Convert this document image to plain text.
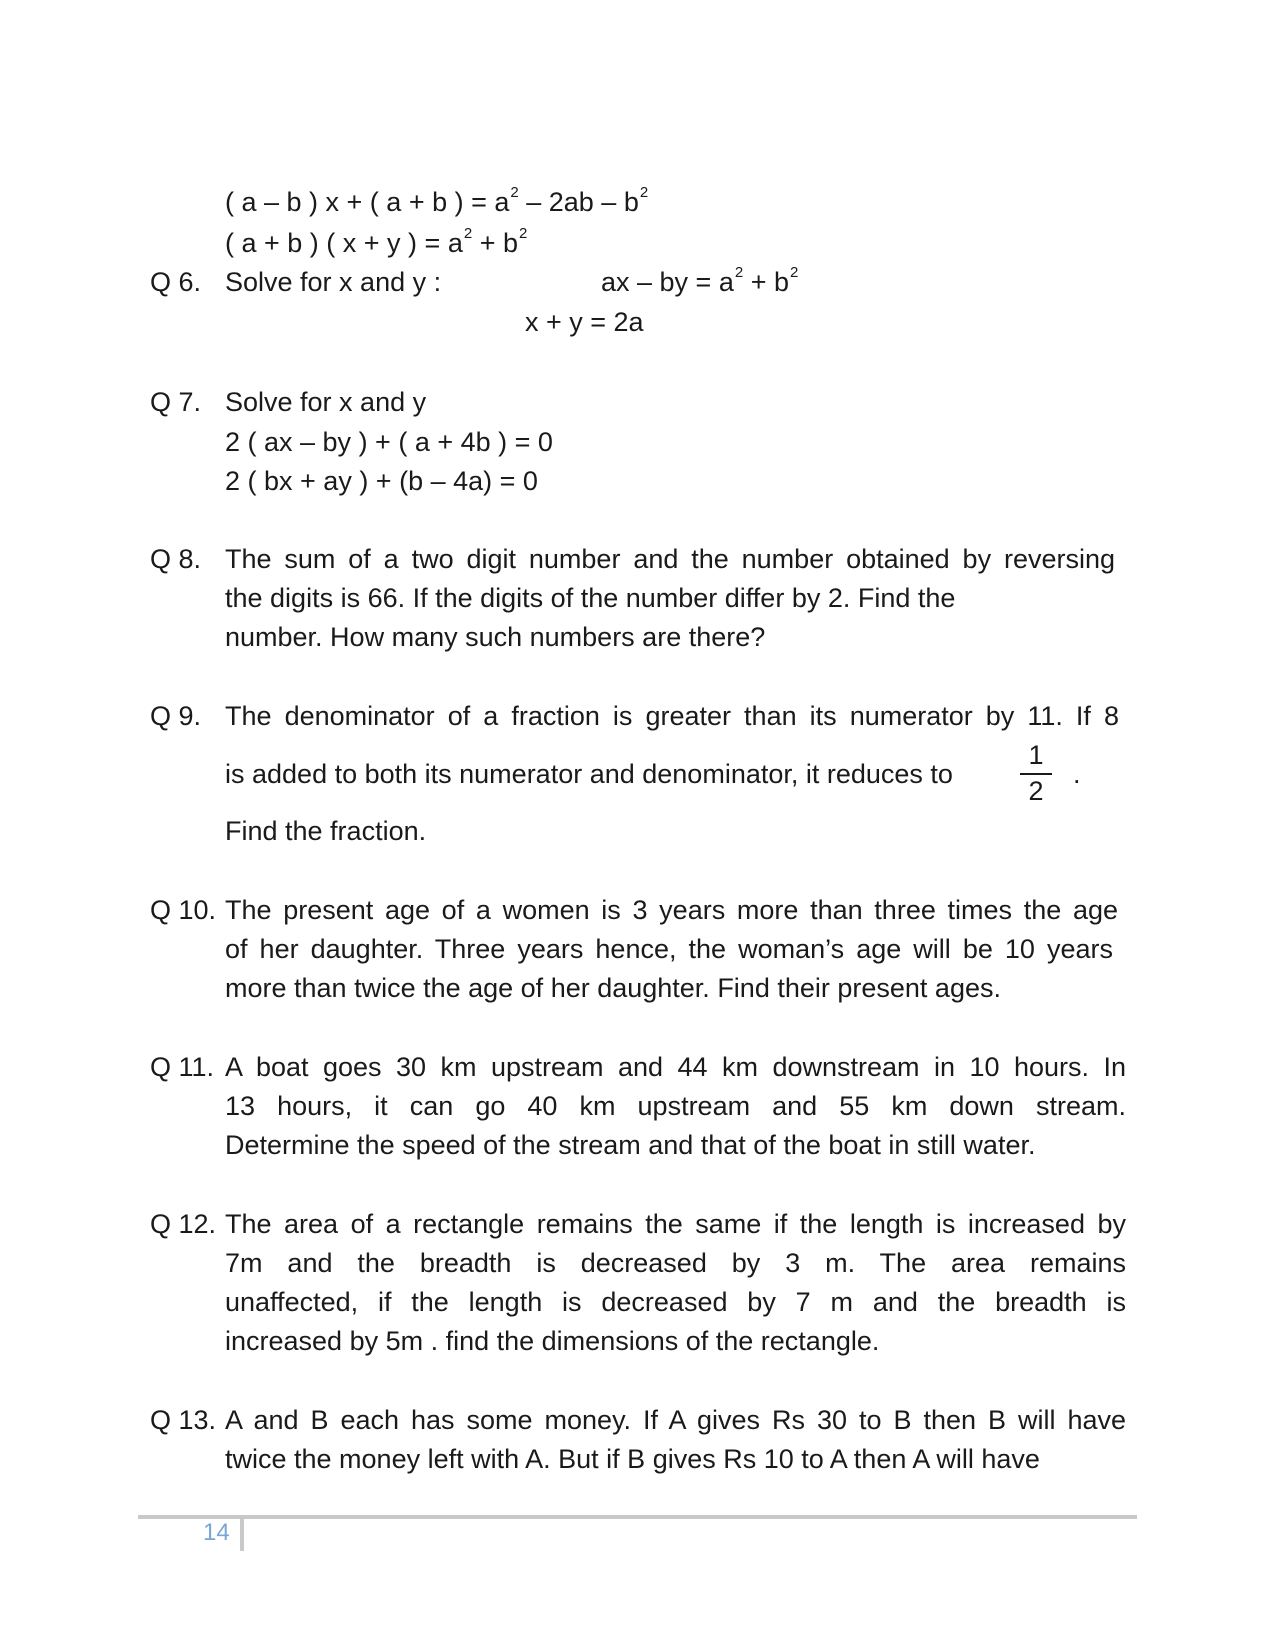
( a – b ) x + ( a + b ) = $a^2 - 2ab - b^2$
( a + b ) ( x + y ) = $a^2 + b^2$
Q 6. Solve for x and y :	ax – by = $a^2 + b^2$
x + y = 2a
Q 7. Solve for x and y
2 ( ax – by ) + ( a + 4b ) = 0
2 ( bx + ay ) + (b – 4a) = 0
Q 8. The sum of a two digit number and the number obtained by reversing
the digits is 66. If the digits of the number differ by 2. Find the
number. How many such numbers are there?
Q 9. The denominator of a fraction is greater than its numerator by 11. If 8
is added to both its numerator and denominator, it reduces to
1
2
.
Find the fraction.
Q 10. The present age of a women is 3 years more than three times the age
of her daughter. Three years hence, the woman’s age will be 10 years
more than twice the age of her daughter. Find their present ages.
Q 11. A boat goes 30 km upstream and 44 km downstream in 10 hours. In
13 hours, it can go 40 km upstream and 55 km down stream.
Determine the speed of the stream and that of the boat in still water.
Q 12. The area of a rectangle remains the same if the length is increased by
7m and the breadth is decreased by 3 m. The area remains
unaffected, if the length is decreased by 7 m and the breadth is
increased by 5m . find the dimensions of the rectangle.
Q 13. A and B each has some money. If A gives Rs 30 to B then B will have
twice the money left with A. But if B gives Rs 10 to A then A will have
14
